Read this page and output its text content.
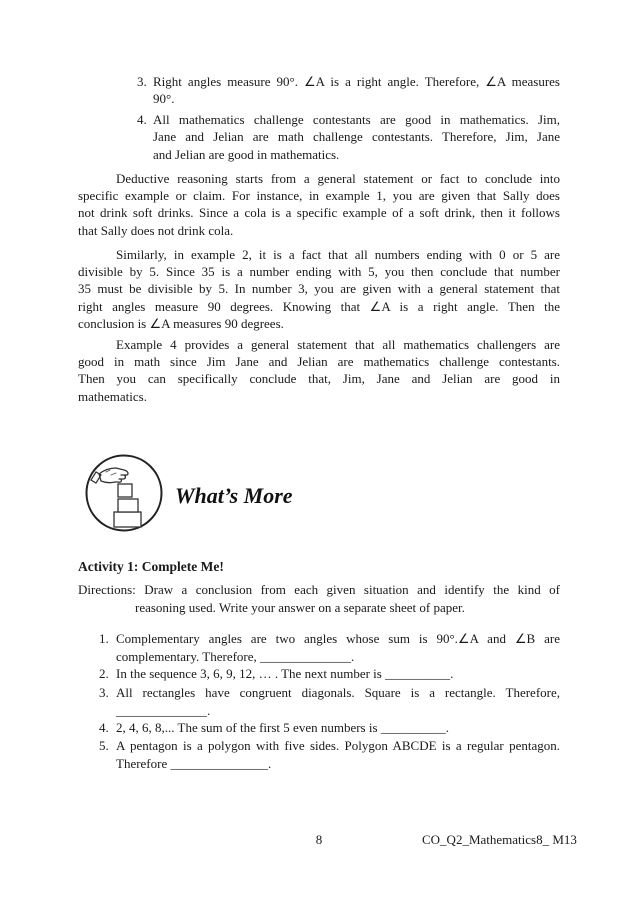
3. Right angles measure 90°. ∠A is a right angle. Therefore, ∠A measures
90°.
4. All mathematics challenge contestants are good in mathematics. Jim,
Jane and Jelian are math challenge contestants. Therefore, Jim, Jane
and Jelian are good in mathematics.
Deductive reasoning starts from a general statement or fact to conclude into
specific example or claim. For instance, in example 1, you are given that Sally does
not drink soft drinks. Since a cola is a specific example of a soft drink, then it follows
that Sally does not drink cola.
Similarly, in example 2, it is a fact that all numbers ending with 0 or 5 are
divisible by 5. Since 35 is a number ending with 5, you then conclude that number
35 must be divisible by 5. In number 3, you are given with a general statement that
right angles measure 90 degrees. Knowing that ∠A is a right angle. Then the
conclusion is ∠A measures 90 degrees.
Example 4 provides a general statement that all mathematics challengers are
good in math since Jim Jane and Jelian are mathematics challenge contestants.
Then you can specifically conclude that, Jim, Jane and Jelian are good in
mathematics.
What’s More
Activity 1: Complete Me!
Directions: Draw a conclusion from each given situation and identify the kind of
reasoning used. Write your answer on a separate sheet of paper.
1. Complementary angles are two angles whose sum is 90°.∠A and ∠B are
complementary. Therefore, ______________.
2. In the sequence 3, 6, 9, 12, … . The next number is __________.
3. All rectangles have congruent diagonals. Square is a rectangle. Therefore,
______________.
4. 2, 4, 6, 8,... The sum of the first 5 even numbers is __________.
5. A pentagon is a polygon with five sides. Polygon ABCDE is a regular pentagon.
Therefore _______________.
8	CO_Q2_Mathematics8_ M13
